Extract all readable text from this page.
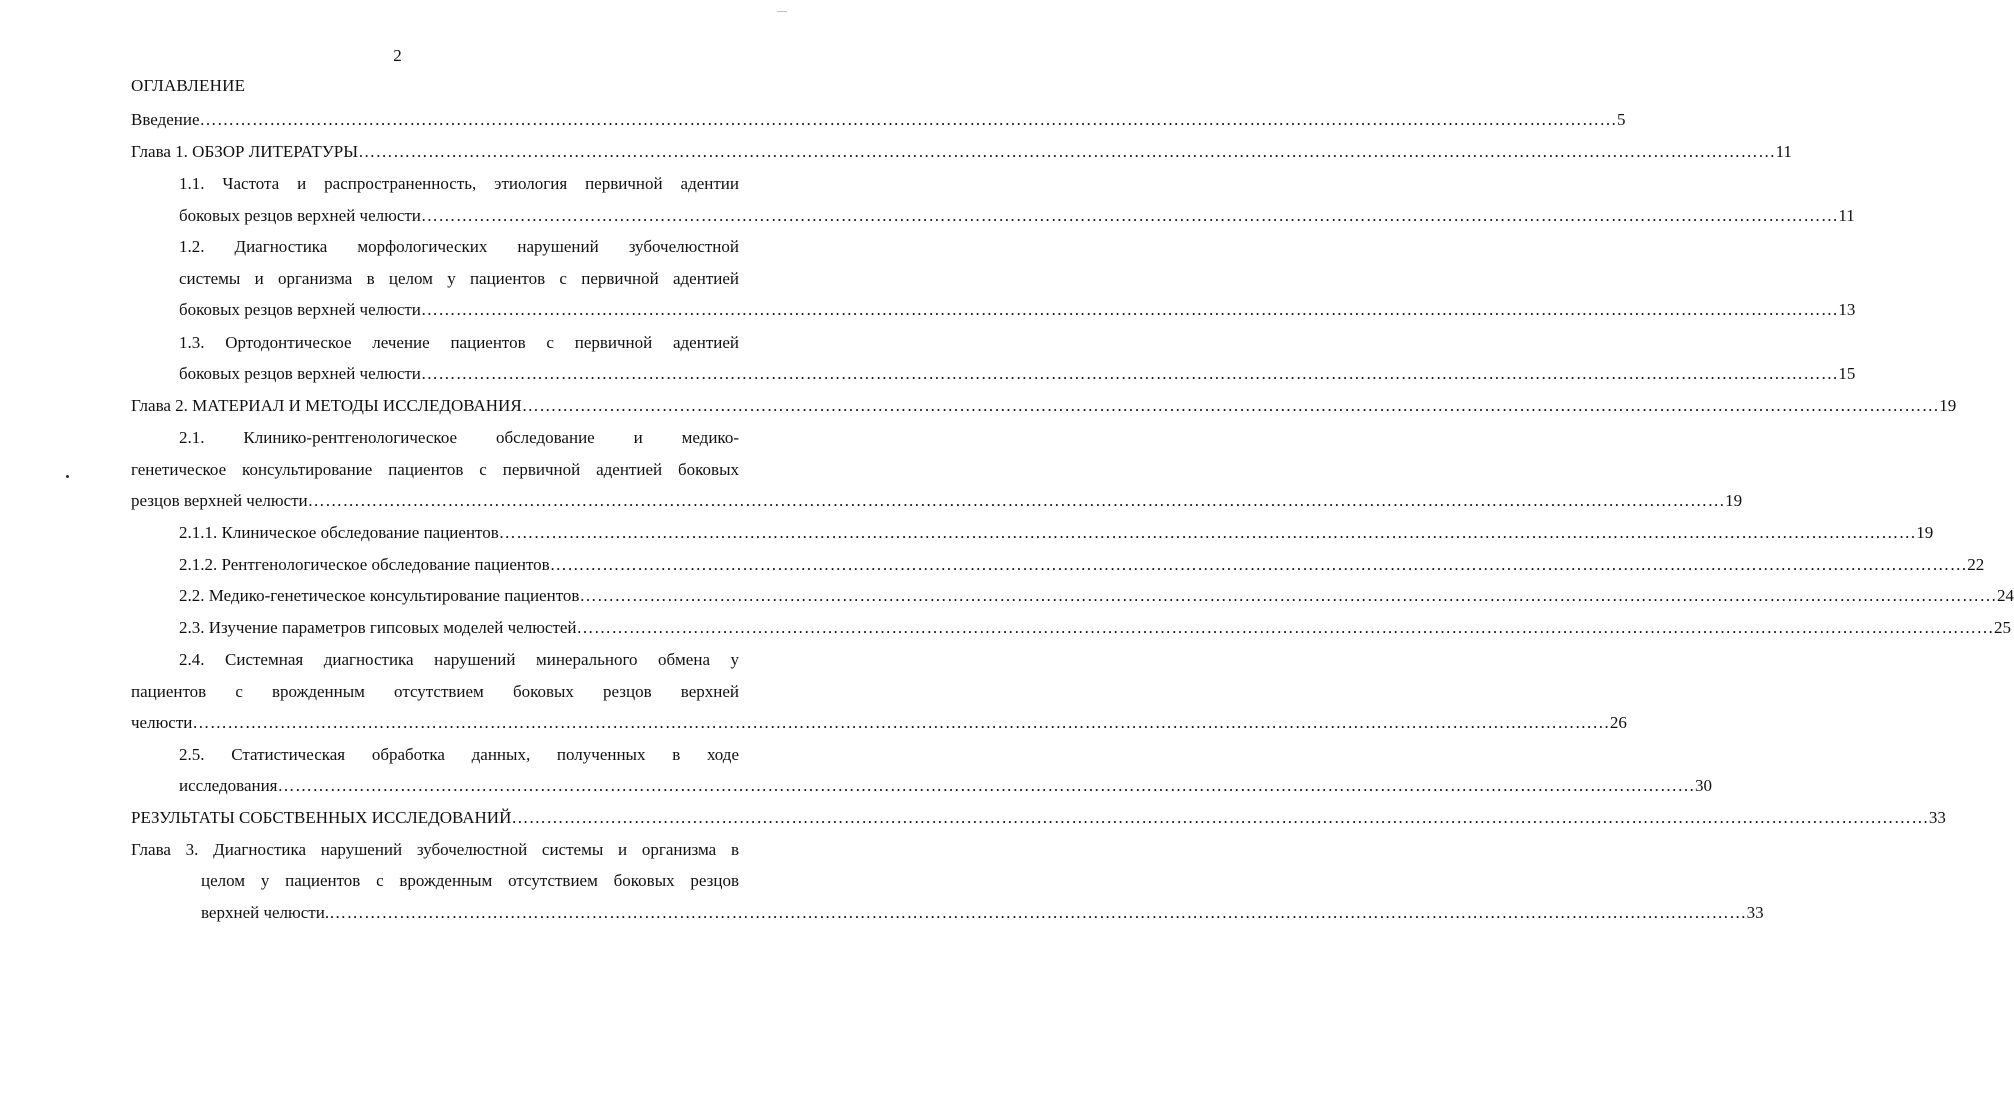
—
2
ОГЛАВЛЕНИЕ
Введение ……………………………………………………………………………………………………………………………………………………………………………………………………………………… 5
Глава 1. ОБЗОР ЛИТЕРАТУРЫ ……………………………………………………………………………………………………………………………………………………………………………………………………………………… 11
1.1. Частота и распространенность, этиология первичной адентии
боковых резцов верхней челюсти ……………………………………………………………………………………………………………………………………………………………………………………………………………………… 11
1.2. Диагностика морфологических нарушений зубочелюстной
системы и организма в целом у пациентов с первичной адентией
боковых резцов верхней челюсти ……………………………………………………………………………………………………………………………………………………………………………………………………………………… 13
1.3. Ортодонтическое лечение пациентов с первичной адентией
боковых резцов верхней челюсти ……………………………………………………………………………………………………………………………………………………………………………………………………………………… 15
Глава 2. МАТЕРИАЛ И МЕТОДЫ ИССЛЕДОВАНИЯ ……………………………………………………………………………………………………………………………………………………………………………………………………………………… 19
2.1. Клинико-рентгенологическое обследование и медико-
генетическое консультирование пациентов с первичной адентией боковых
резцов верхней челюсти ……………………………………………………………………………………………………………………………………………………………………………………………………………………… 19
2.1.1. Клиническое обследование пациентов ……………………………………………………………………………………………………………………………………………………………………………………………………………………… 19
2.1.2. Рентгенологическое обследование пациентов ……………………………………………………………………………………………………………………………………………………………………………………………………………………… 22
2.2. Медико-генетическое консультирование пациентов ……………………………………………………………………………………………………………………………………………………………………………………………………………………… 24
2.3. Изучение параметров гипсовых моделей челюстей ……………………………………………………………………………………………………………………………………………………………………………………………………………………… 25
2.4. Системная диагностика нарушений минерального обмена у
пациентов с врожденным отсутствием боковых резцов верхней
челюсти ……………………………………………………………………………………………………………………………………………………………………………………………………………………… 26
2.5. Статистическая обработка данных, полученных в ходе
исследования ……………………………………………………………………………………………………………………………………………………………………………………………………………………… 30
РЕЗУЛЬТАТЫ СОБСТВЕННЫХ ИССЛЕДОВАНИЙ ……………………………………………………………………………………………………………………………………………………………………………………………………………………… 33
Глава 3. Диагностика нарушений зубочелюстной системы и организма в
целом у пациентов с врожденным отсутствием боковых резцов
верхней челюсти. ……………………………………………………………………………………………………………………………………………………………………………………………………………………… 33
